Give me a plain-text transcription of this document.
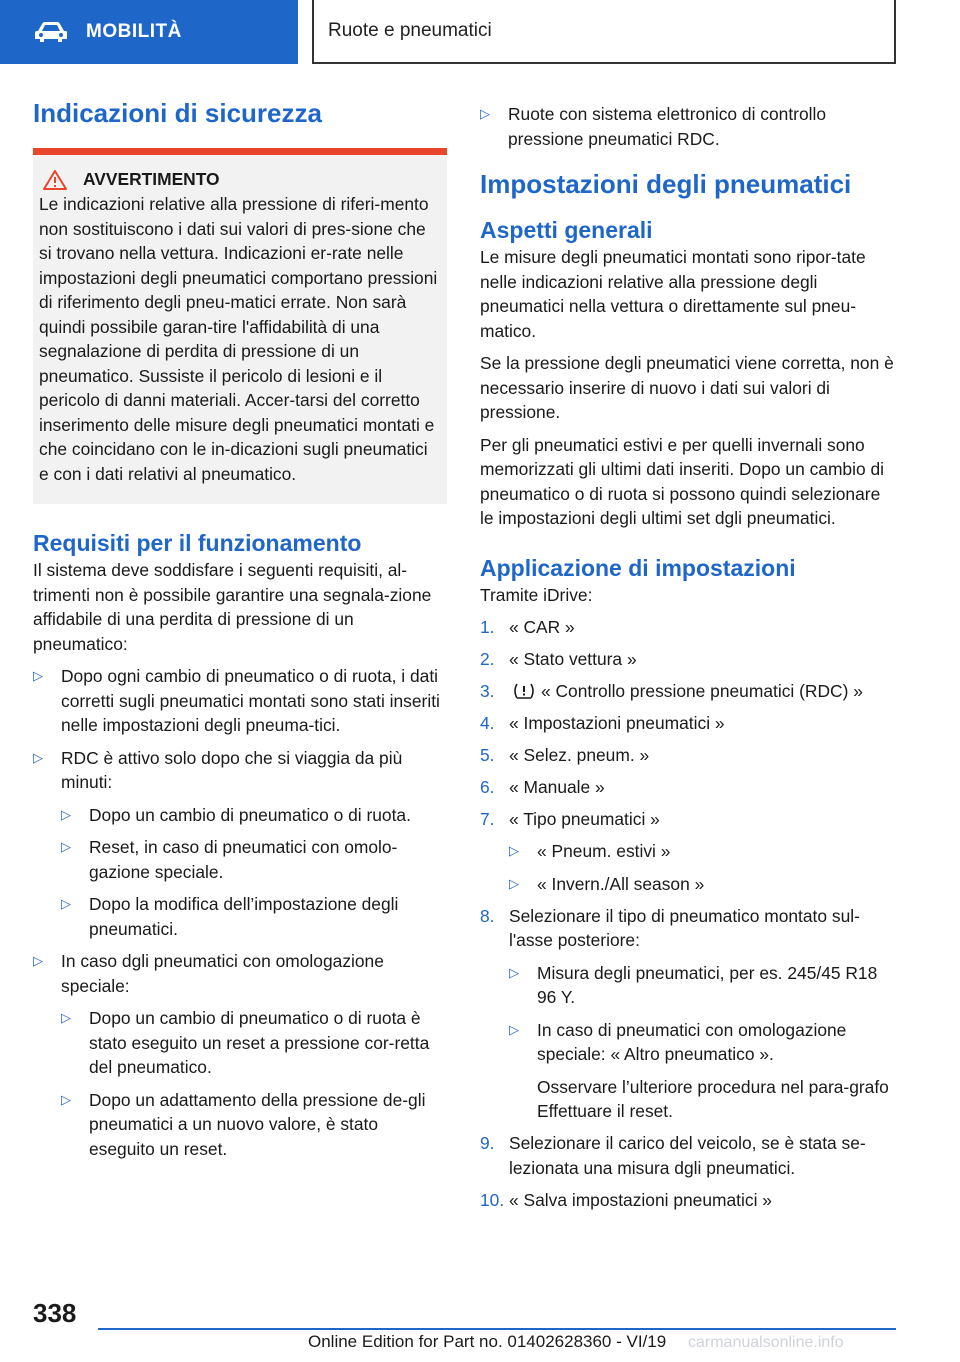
MOBILITÀ	Ruote e pneumatici
Indicazioni di sicurezza
AVVERTIMENTO

Le indicazioni relative alla pressione di riferi-mento non sostituiscono i dati sui valori di pres-sione che si trovano nella vettura. Indicazioni er-rate nelle impostazioni degli pneumatici comportano pressioni di riferimento degli pneu-matici errate. Non sarà quindi possibile garan-tire l'affidabilità di una segnalazione di perdita di pressione di un pneumatico. Sussiste il pericolo di lesioni e il pericolo di danni materiali. Accer-tarsi del corretto inserimento delle misure degli pneumatici montati e che coincidano con le in-dicazioni sugli pneumatici e con i dati relativi al pneumatico.

Requisiti per il funzionamento

Il sistema deve soddisfare i seguenti requisiti, al-trimenti non è possibile garantire una segnala-zione affidabile di una perdita di pressione di un pneumatico:

▷ Dopo ogni cambio di pneumatico o di ruota, i dati corretti sugli pneumatici montati sono stati inseriti nelle impostazioni degli pneuma-tici.
▷ RDC è attivo solo dopo che si viaggia da più minuti:
▷ Dopo un cambio di pneumatico o di ruota.
▷ Reset, in caso di pneumatici con omolo-gazione speciale.
▷ Dopo la modifica dell’impostazione degli pneumatici.
▷ In caso dgli pneumatici con omologazione speciale:
▷ Dopo un cambio di pneumatico o di ruota è stato eseguito un reset a pressione cor-retta del pneumatico.
▷ Dopo un adattamento della pressione de-gli pneumatici a un nuovo valore, è stato eseguito un reset.
▷ Ruote con sistema elettronico di controllo pressione pneumatici RDC.
Impostazioni degli pneumatici
Aspetti generali

Le misure degli pneumatici montati sono ripor-tate nelle indicazioni relative alla pressione degli pneumatici nella vettura o direttamente sul pneu-matico.

Se la pressione degli pneumatici viene corretta, non è necessario inserire di nuovo i dati sui valori di pressione.

Per gli pneumatici estivi e per quelli invernali sono memorizzati gli ultimi dati inseriti. Dopo un cambio di pneumatico o di ruota si possono quindi selezionare le impostazioni degli ultimi set dgli pneumatici.

Applicazione di impostazioni

Tramite iDrive:

1. « CAR »
2. « Stato vettura »
3.	« Controllo pressione pneumatici (RDC) »
4. « Impostazioni pneumatici »
5. « Selez. pneum. »
6. « Manuale »
7. « Tipo pneumatici »
▷ « Pneum. estivi »
▷ « Invern./All season »
8. Selezionare il tipo di pneumatico montato sul-l'asse posteriore:
▷ Misura degli pneumatici, per es. 245/45 R18 96 Y.
▷ In caso di pneumatici con omologazione speciale: « Altro pneumatico ».

Osservare l’ulteriore procedura nel para-grafo Effettuare il reset.

9. Selezionare il carico del veicolo, se è stata se-lezionata una misura dgli pneumatici.
10. « Salva impostazioni pneumatici »
338
Online Edition for Part no. 01402628360 - VI/19 carmanualsonline.info
